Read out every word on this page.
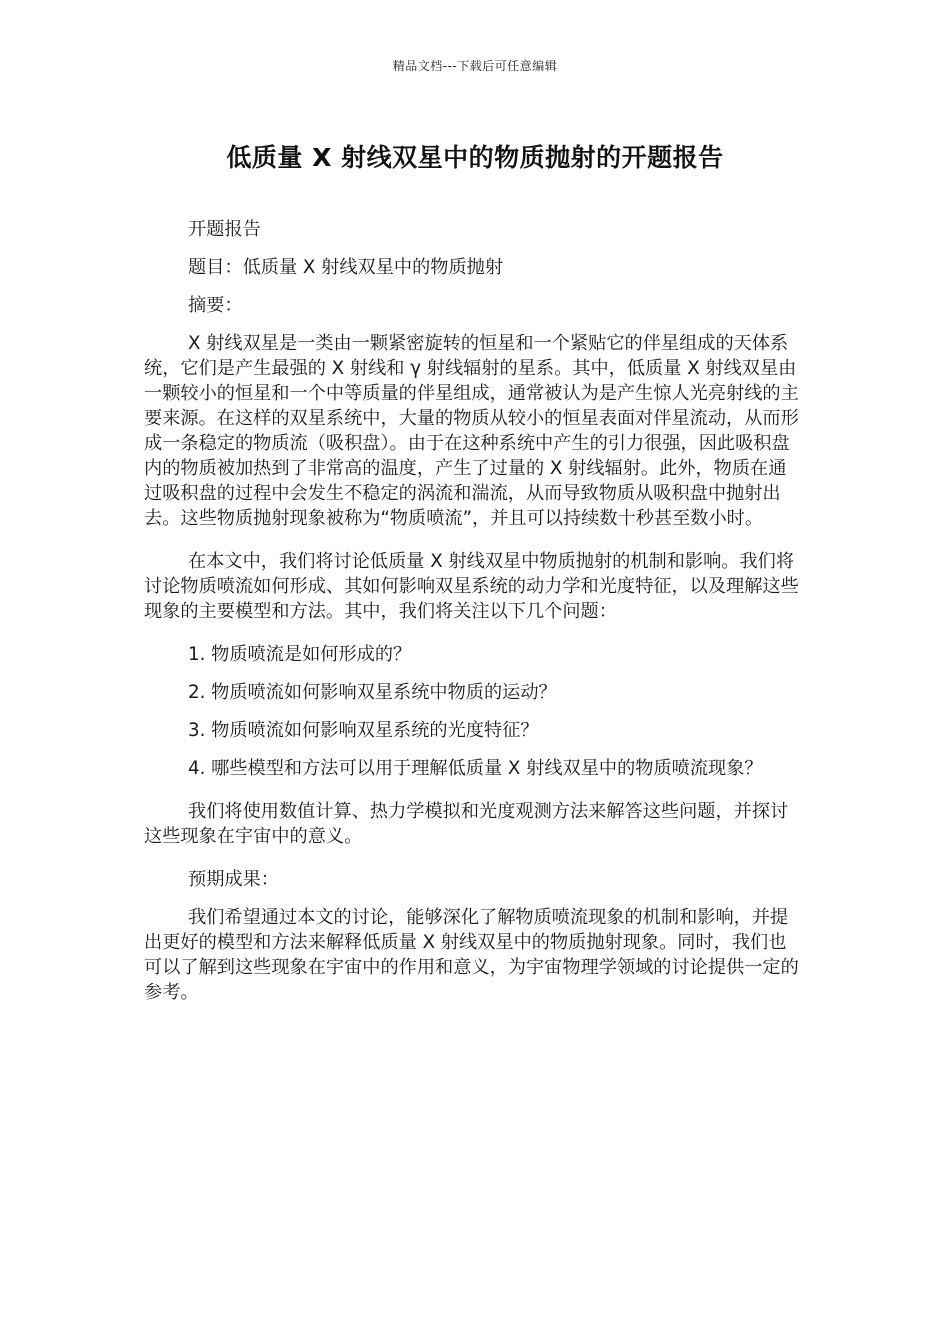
精品文档---下载后可任意编辑
低质量 X 射线双星中的物质抛射的开题报告

开题报告

题目：低质量 X 射线双星中的物质抛射

摘要：

X 射线双星是一类由一颗紧密旋转的恒星和一个紧贴它的伴星组成的天体系统，它们是产生最强的 X 射线和 γ 射线辐射的星系。其中，低质量 X 射线双星由一颗较小的恒星和一个中等质量的伴星组成，通常被认为是产生惊人光亮射线的主要来源。在这样的双星系统中，大量的物质从较小的恒星表面对伴星流动，从而形成一条稳定的物质流（吸积盘）。由于在这种系统中产生的引力很强，因此吸积盘内的物质被加热到了非常高的温度，产生了过量的 X 射线辐射。此外，物质在通过吸积盘的过程中会发生不稳定的涡流和湍流，从而导致物质从吸积盘中抛射出去。这些物质抛射现象被称为“物质喷流”，并且可以持续数十秒甚至数小时。

在本文中，我们将讨论低质量 X 射线双星中物质抛射的机制和影响。我们将讨论物质喷流如何形成、其如何影响双星系统的动力学和光度特征，以及理解这些现象的主要模型和方法。其中，我们将关注以下几个问题：

1. 物质喷流是如何形成的？

2. 物质喷流如何影响双星系统中物质的运动？

3. 物质喷流如何影响双星系统的光度特征？

4. 哪些模型和方法可以用于理解低质量 X 射线双星中的物质喷流现象？

我们将使用数值计算、热力学模拟和光度观测方法来解答这些问题，并探讨这些现象在宇宙中的意义。

预期成果：

我们希望通过本文的讨论，能够深化了解物质喷流现象的机制和影响，并提出更好的模型和方法来解释低质量 X 射线双星中的物质抛射现象。同时，我们也可以了解到这些现象在宇宙中的作用和意义，为宇宙物理学领域的讨论提供一定的参考。
